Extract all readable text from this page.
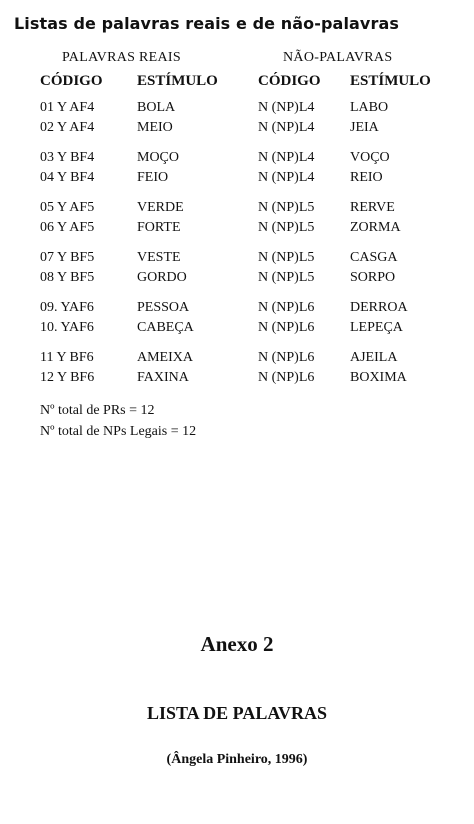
Listas de palavras reais e de não-palavras
PALAVRAS REAIS	NÃO-PALAVRAS
CÓDIGO ESTÍMULO	CÓDIGO ESTÍMULO
01 Y AF4	BOLA	N (NP)L4	LABO
02 Y AF4	MEIO	N (NP)L4	JEIA
03 Y BF4	MOÇO	N (NP)L4	VOÇO
04 Y BF4	FEIO	N (NP)L4	REIO
05 Y AF5	VERDE	N (NP)L5	RERVE
06 Y AF5	FORTE	N (NP)L5	ZORMA
07 Y BF5	VESTE	N (NP)L5	CASGA
08 Y BF5	GORDO	N (NP)L5	SORPO
09. YAF6	PESSOA	N (NP)L6	DERROA
10. YAF6	CABEÇA	N (NP)L6	LEPEÇA
11 Y BF6	AMEIXA	N (NP)L6	AJEILA
12 Y BF6	FAXINA	N (NP)L6	BOXIMA
Nº total de PRs = 12
Nº total de NPs Legais = 12
Anexo 2
LISTA DE PALAVRAS
(Ângela Pinheiro, 1996)
